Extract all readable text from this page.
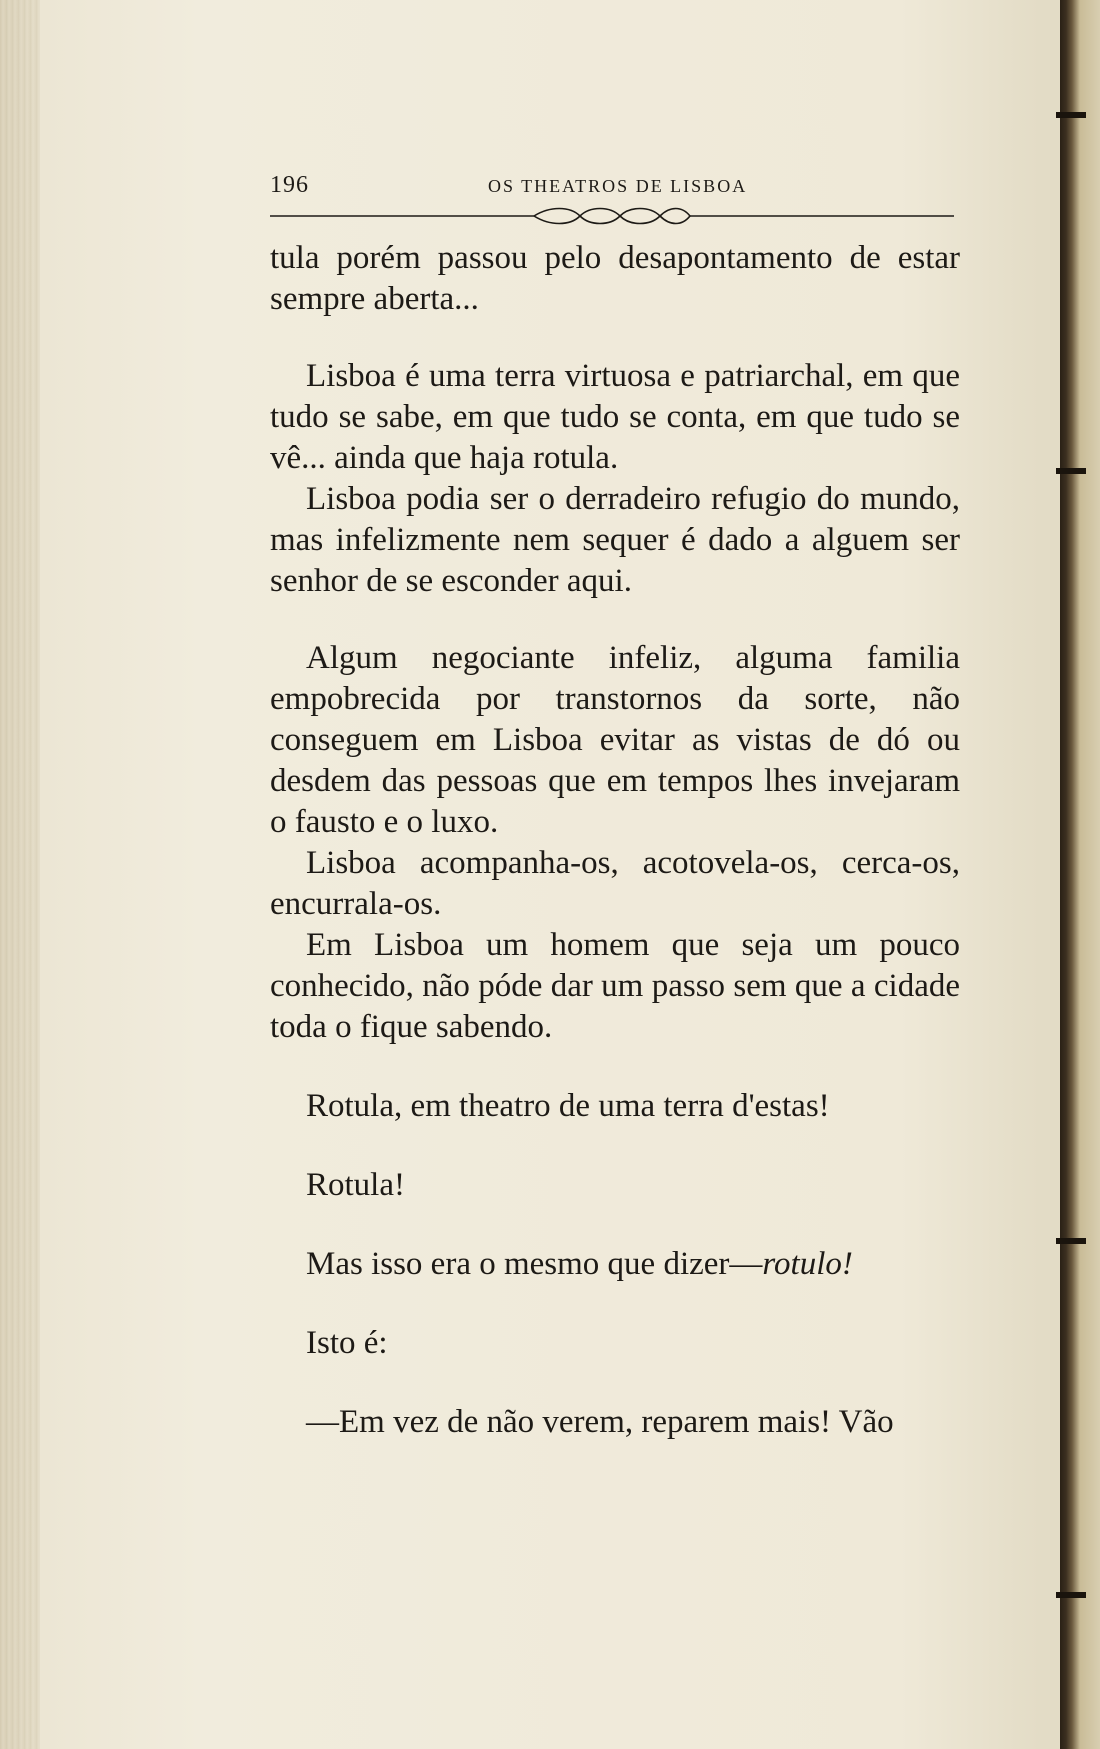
196	OS THEATROS DE LISBOA

tula porém passou pelo desapontamento de estar sempre aberta...

Lisboa é uma terra virtuosa e patriarchal, em que tudo se sabe, em que tudo se conta, em que tudo se vê... ainda que haja rotula.

Lisboa podia ser o derradeiro refugio do mundo, mas infelizmente nem sequer é dado a alguem ser senhor de se esconder aqui.

Algum negociante infeliz, alguma familia empobrecida por transtornos da sorte, não conseguem em Lisboa evitar as vistas de dó ou desdem das pessoas que em tempos lhes invejaram o fausto e o luxo.

Lisboa acompanha-os, acotovela-os, cerca-os, encurrala-os.

Em Lisboa um homem que seja um pouco conhecido, não póde dar um passo sem que a cidade toda o fique sabendo.

Rotula, em theatro de uma terra d'estas!

Rotula!

Mas isso era o mesmo que dizer—rotulo!

Isto é:

—Em vez de não verem, reparem mais! Vão
